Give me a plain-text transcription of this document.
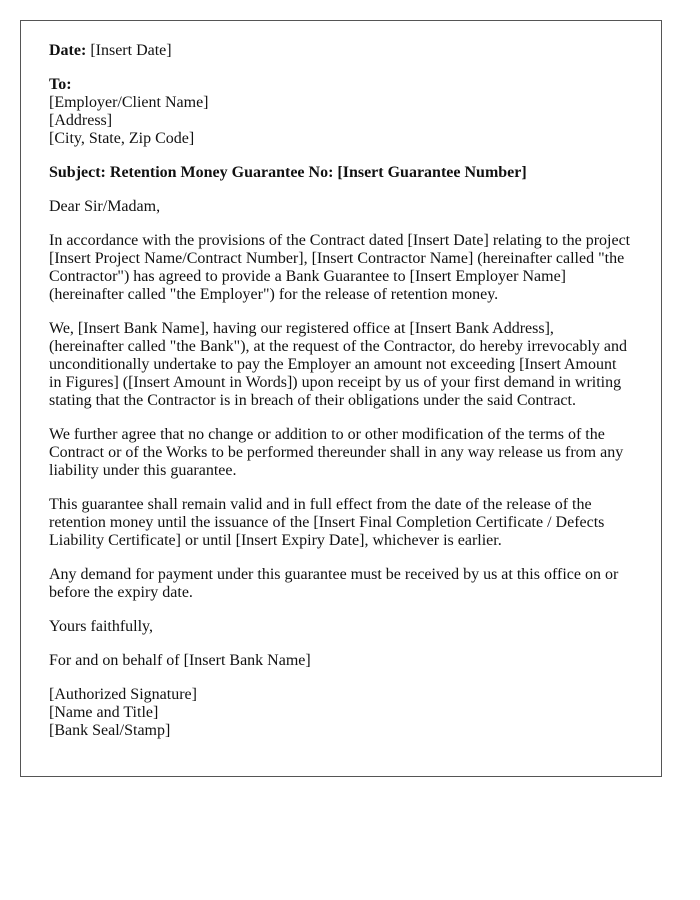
Date: [Insert Date]

To:
[Employer/Client Name]
[Address]
[City, State, Zip Code]

Subject: Retention Money Guarantee No: [Insert Guarantee Number]

Dear Sir/Madam,

In accordance with the provisions of the Contract dated [Insert Date] relating to the project [Insert Project Name/Contract Number], [Insert Contractor Name] (hereinafter called "the Contractor") has agreed to provide a Bank Guarantee to [Insert Employer Name] (hereinafter called "the Employer") for the release of retention money.

We, [Insert Bank Name], having our registered office at [Insert Bank Address], (hereinafter called "the Bank"), at the request of the Contractor, do hereby irrevocably and unconditionally undertake to pay the Employer an amount not exceeding [Insert Amount in Figures] ([Insert Amount in Words]) upon receipt by us of your first demand in writing stating that the Contractor is in breach of their obligations under the said Contract.

We further agree that no change or addition to or other modification of the terms of the Contract or of the Works to be performed thereunder shall in any way release us from any liability under this guarantee.

This guarantee shall remain valid and in full effect from the date of the release of the retention money until the issuance of the [Insert Final Completion Certificate / Defects Liability Certificate] or until [Insert Expiry Date], whichever is earlier.

Any demand for payment under this guarantee must be received by us at this office on or before the expiry date.

Yours faithfully,

For and on behalf of [Insert Bank Name]

[Authorized Signature]
[Name and Title]
[Bank Seal/Stamp]
